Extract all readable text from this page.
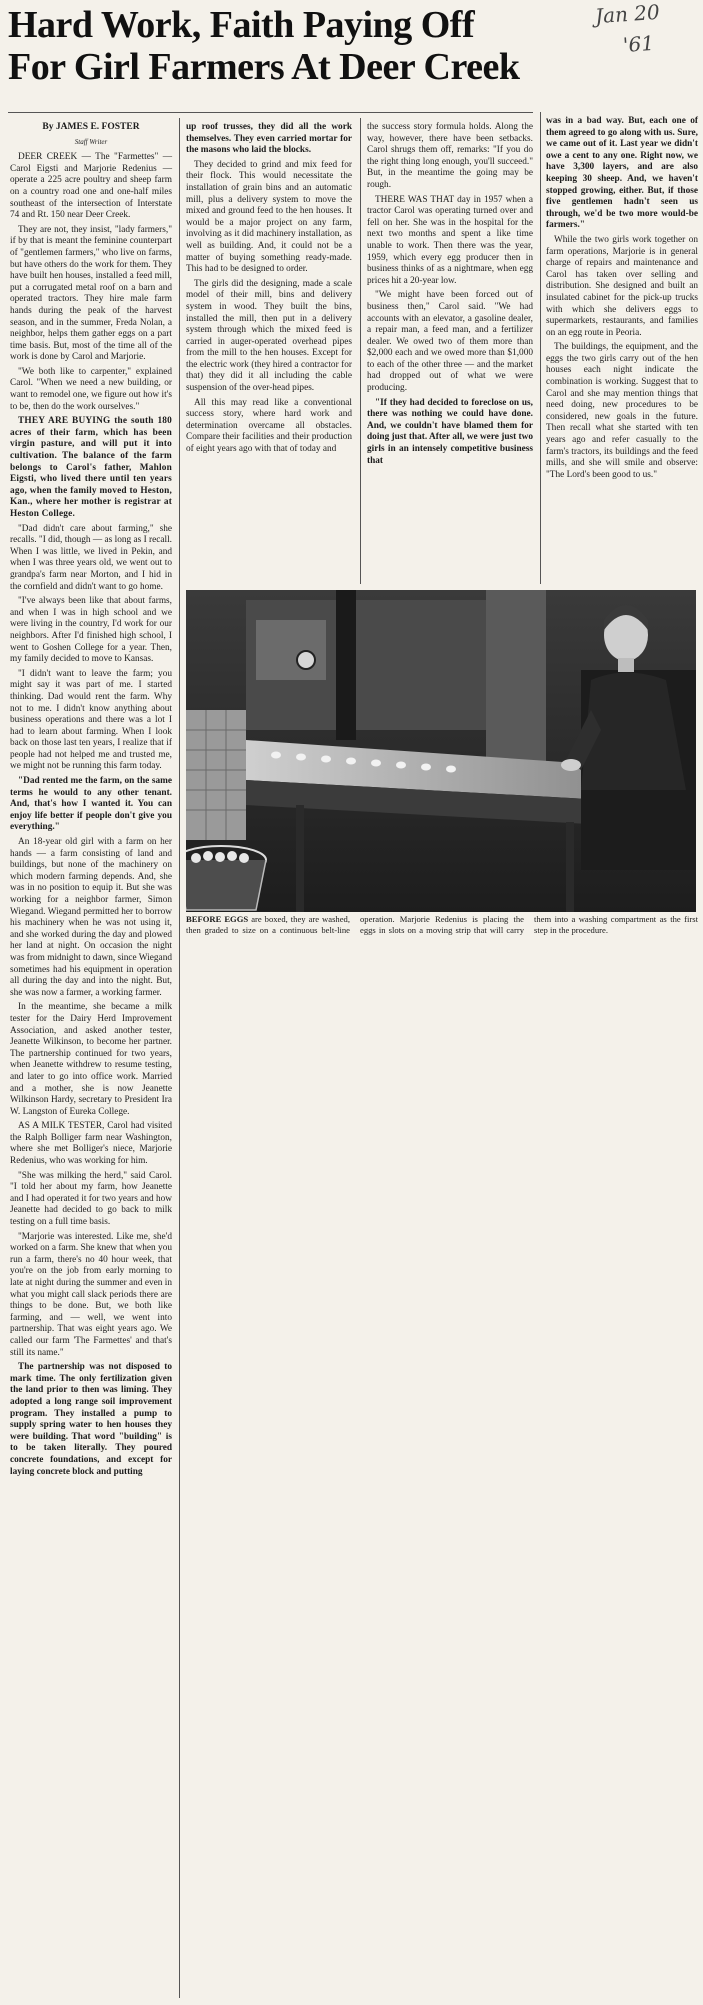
Hard Work, Faith Paying Off
For Girl Farmers At Deer Creek
Jan 20
'61

By JAMES E. FOSTER

Staff Writer

DEER CREEK — The "Farmettes" — Carol Eigsti and Marjorie Redenius — operate a 225 acre poultry and sheep farm on a country road one and one-half miles southeast of the intersection of Interstate 74 and Rt. 150 near Deer Creek.

They are not, they insist, "lady farmers," if by that is meant the feminine counterpart of "gentlemen farmers," who live on farms, but have others do the work for them. They have built hen houses, installed a feed mill, put a corrugated metal roof on a barn and operated tractors. They hire male farm hands during the peak of the harvest season, and in the summer, Freda Nolan, a neighbor, helps them gather eggs on a part time basis. But, most of the time all of the work is done by Carol and Marjorie.

"We both like to carpenter," explained Carol. "When we need a new building, or want to remodel one, we figure out how it's to be, then do the work ourselves."

THEY ARE BUYING the south 180 acres of their farm, which has been virgin pasture, and will put it into cultivation. The balance of the farm belongs to Carol's father, Mahlon Eigsti, who lived there until ten years ago, when the family moved to Heston, Kan., where her mother is registrar at Heston College.

"Dad didn't care about farming," she recalls. "I did, though — as long as I recall. When I was little, we lived in Pekin, and when I was three years old, we went out to grandpa's farm near Morton, and I hid in the cornfield and didn't want to go home.

"I've always been like that about farms, and when I was in high school and we were living in the country, I'd work for our neighbors. After I'd finished high school, I went to Goshen College for a year. Then, my family decided to move to Kansas.

"I didn't want to leave the farm; you might say it was part of me. I started thinking. Dad would rent the farm. Why not to me. I didn't know anything about business operations and there was a lot I had to learn about farming. When I look back on those last ten years, I realize that if people had not helped me and trusted me, we might not be running this farm today.

"Dad rented me the farm, on the same terms he would to any other tenant. And, that's how I wanted it. You can enjoy life better if people don't give you everything."

An 18-year old girl with a farm on her hands — a farm consisting of land and buildings, but none of the machinery on which modern farming depends. And, she was in no position to equip it. But she was working for a neighbor farmer, Simon Wiegand. Wiegand permitted her to borrow his machinery when he was not using it, and she worked during the day and plowed her land at night. On occasion the night was from midnight to dawn, since Wiegand sometimes had his equipment in operation all during the day and into the night. But, she was now a farmer, a working farmer.

In the meantime, she became a milk tester for the Dairy Herd Improvement Association, and asked another tester, Jeanette Wilkinson, to become her partner. The partnership continued for two years, when Jeanette withdrew to resume testing, and later to go into office work. Married and a mother, she is now Jeanette Wilkinson Hardy, secretary to President Ira W. Langston of Eureka College.

AS A MILK TESTER, Carol had visited the Ralph Bolliger farm near Washington, where she met Bolliger's niece, Marjorie Redenius, who was working for him.

"She was milking the herd," said Carol. "I told her about my farm, how Jeanette and I had operated it for two years and how Jeanette had decided to go back to milk testing on a full time basis.

"Marjorie was interested. Like me, she'd worked on a farm. She knew that when you run a farm, there's no 40 hour week, that you're on the job from early morning to late at night during the summer and even in what you might call slack periods there are things to be done. But, we both like farming, and — well, we went into partnership. That was eight years ago. We called our farm 'The Farmettes' and that's still its name."

The partnership was not disposed to mark time. The only fertilization given the land prior to then was liming. They adopted a long range soil improvement program. They installed a pump to supply spring water to hen houses they were building. That word "building" is to be taken literally. They poured concrete foundations, and except for laying concrete block and putting

up roof trusses, they did all the work themselves. They even carried mortar for the masons who laid the blocks.

They decided to grind and mix feed for their flock. This would necessitate the installation of grain bins and an automatic mill, plus a delivery system to move the mixed and ground feed to the hen houses. It would be a major project on any farm, involving as it did machinery installation, as well as building. And, it could not be a matter of buying something ready-made. This had to be designed to order.

The girls did the designing, made a scale model of their mill, bins and delivery system in wood. They built the bins, installed the mill, then put in a delivery system through which the mixed feed is carried in auger-operated overhead pipes from the mill to the hen houses. Except for the electric work (they hired a contractor for that) they did it all including the cable suspension of the over-head pipes.

All this may read like a conventional success story, where hard work and determination overcame all obstacles. Compare their facilities and their production of eight years ago with that of today and

the success story formula holds. Along the way, however, there have been setbacks. Carol shrugs them off, remarks: "If you do the right thing long enough, you'll succeed." But, in the meantime the going may be rough.

THERE WAS THAT day in 1957 when a tractor Carol was operating turned over and fell on her. She was in the hospital for the next two months and spent a like time unable to work. Then there was the year, 1959, which every egg producer then in business thinks of as a nightmare, when egg prices hit a 20-year low.

"We might have been forced out of business then," Carol said. "We had accounts with an elevator, a gasoline dealer, a repair man, a feed man, and a fertilizer dealer. We owed two of them more than $2,000 each and we owed more than $1,000 to each of the other three — and the market had dropped out of what we were producing.

"If they had decided to foreclose on us, there was nothing we could have done. And, we couldn't have blamed them for doing just that. After all, we were just two girls in an intensely competitive business that

was in a bad way. But, each one of them agreed to go along with us. Sure, we came out of it. Last year we didn't owe a cent to any one. Right now, we have 3,300 layers, and are also keeping 30 sheep. And, we haven't stopped growing, either. But, if those five gentlemen hadn't seen us through, we'd be two more would-be farmers."

While the two girls work together on farm operations, Marjorie is in general charge of repairs and maintenance and Carol has taken over selling and distribution. She designed and built an insulated cabinet for the pick-up trucks with which she delivers eggs to supermarkets, restaurants, and families on an egg route in Peoria.

The buildings, the equipment, and the eggs the two girls carry out of the hen houses each night indicate the combination is working. Suggest that to Carol and she may mention things that need doing, new procedures to be considered, new goals in the future. Then recall what she started with ten years ago and refer casually to the farm's tractors, its buildings and the feed mills, and she will smile and observe: "The Lord's been good to us."

BEFORE EGGS are boxed, they are washed, then graded to size on a continuous belt-line operation. Marjorie Redenius is placing the eggs in slots on a moving strip that will carry them into a washing compartment as the first step in the procedure.
